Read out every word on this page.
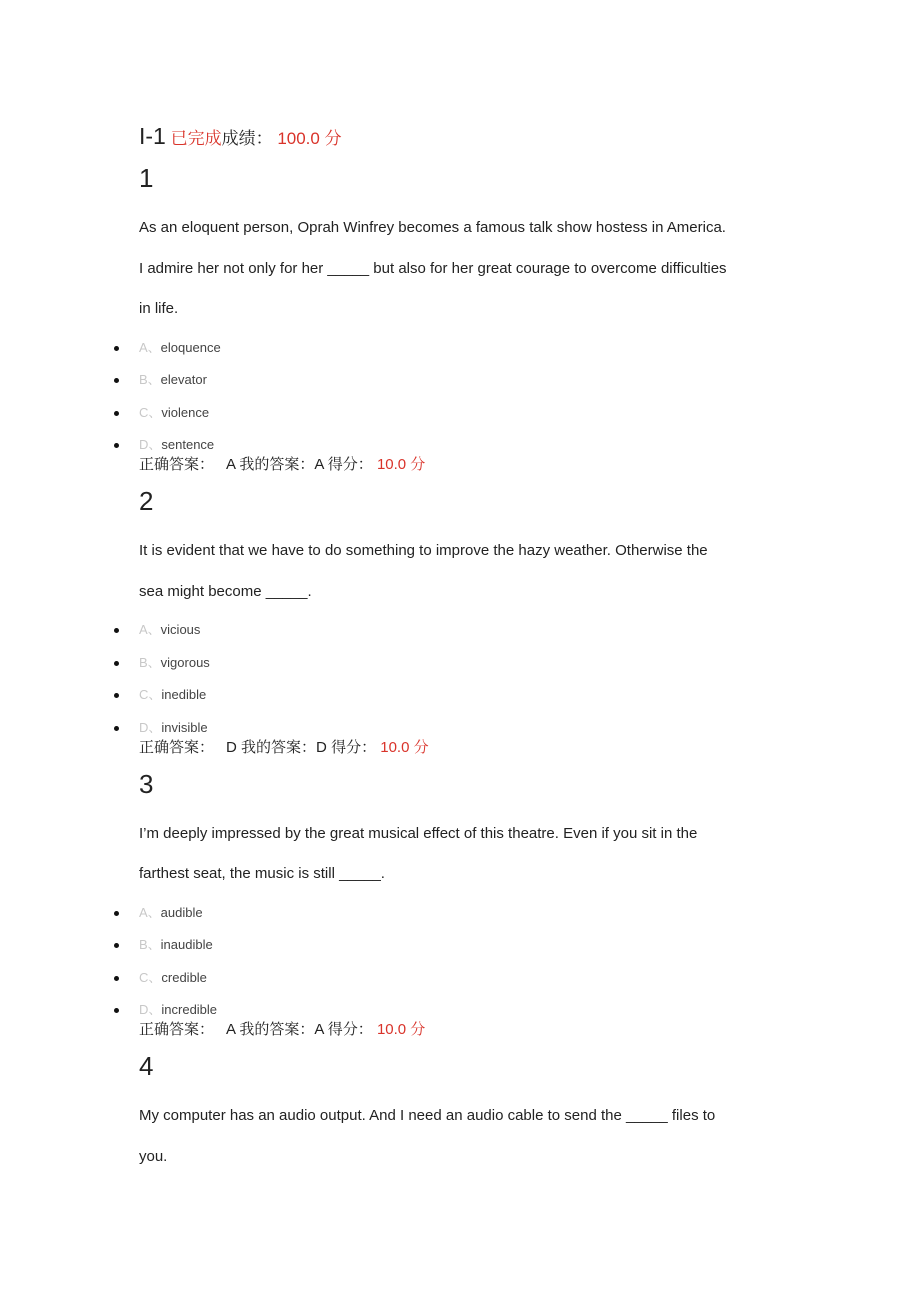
I-1 已完成成绩： 100.0 分
1
As an eloquent person, Oprah Winfrey becomes a famous talk show hostess in America.
I admire her not only for her _____ but also for her great courage to overcome difficulties
in life.
A、eloquence
B、elevator
C、violence
D、sentence
正确答案： A 我的答案：A 得分： 10.0 分
2
It is evident that we have to do something to improve the hazy weather. Otherwise the
sea might become _____.
A、vicious
B、vigorous
C、inedible
D、invisible
正确答案： D 我的答案：D 得分： 10.0 分
3
I’m deeply impressed by the great musical effect of this theatre. Even if you sit in the
farthest seat, the music is still _____.
A、audible
B、inaudible
C、credible
D、incredible
正确答案： A 我的答案：A 得分： 10.0 分
4
My computer has an audio output. And I need an audio cable to send the _____ files to
you.
